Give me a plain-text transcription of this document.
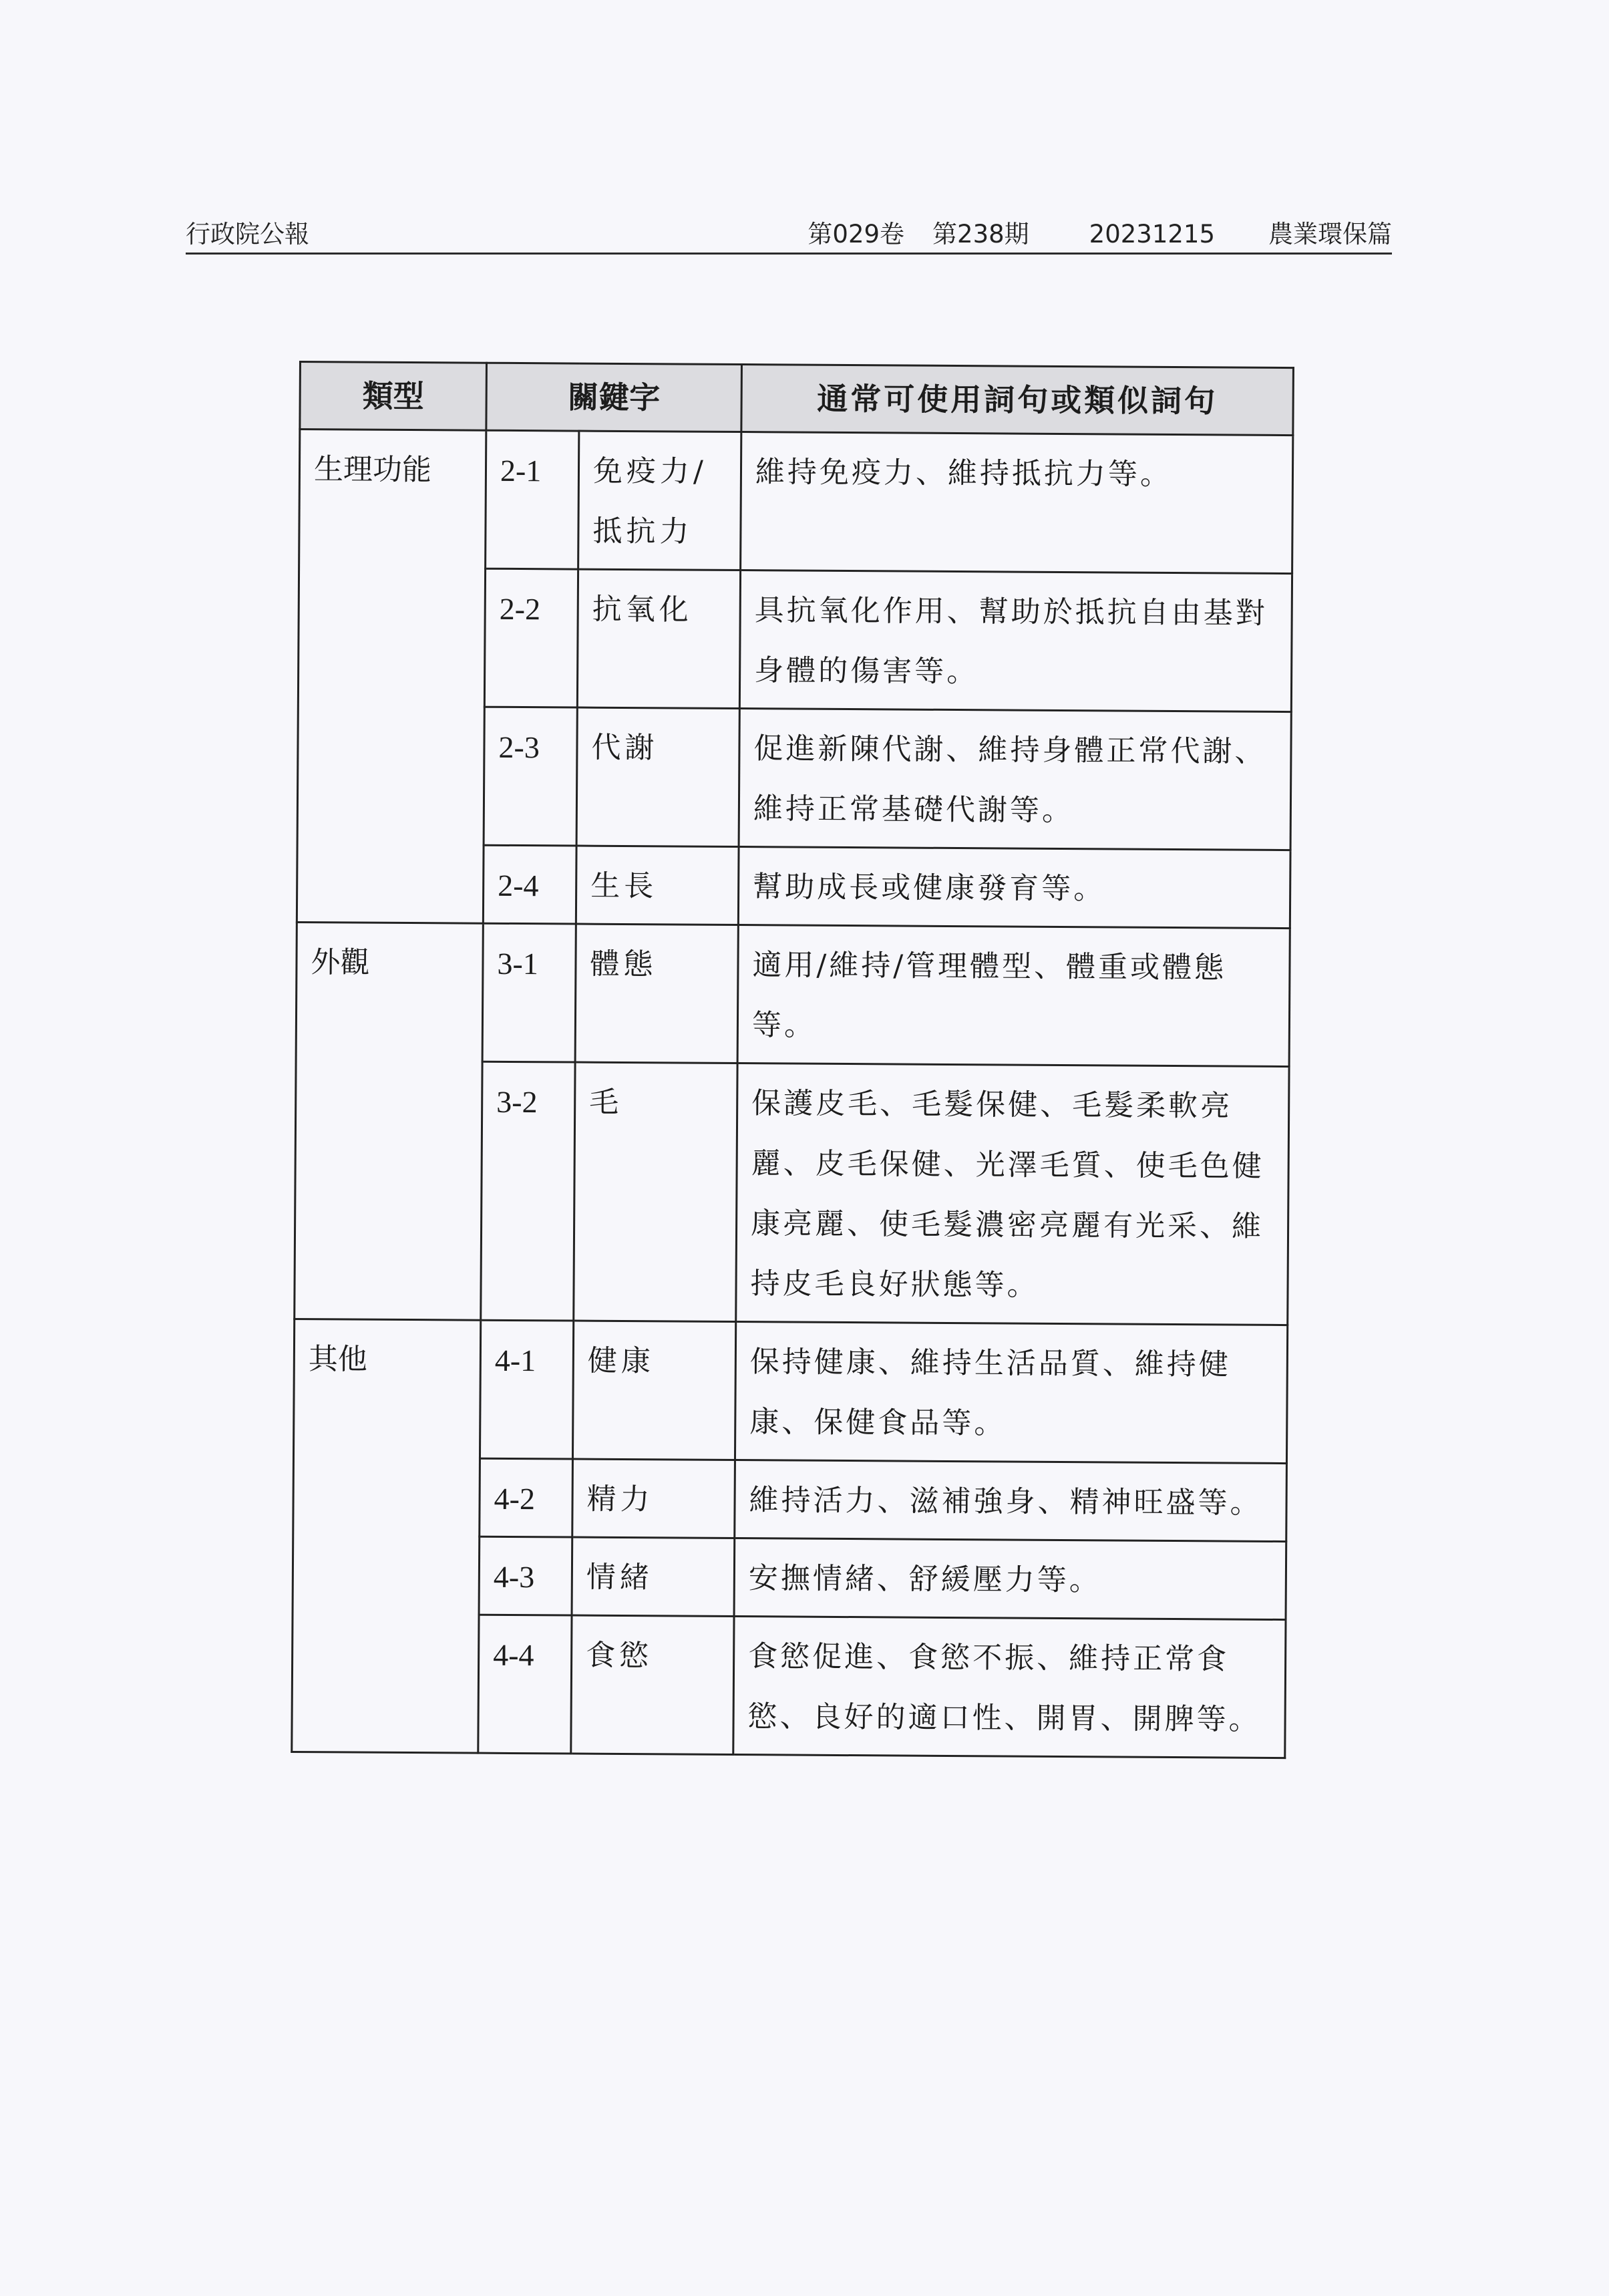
行政院公報	第029卷 第238期 20231215 農業環保篇
類型	關鍵字		通常可使用詞句或類似詞句
生理功能	2-1	免疫力/抵抗力	維持免疫力、維持抵抗力等。
	2-2	抗氧化	具抗氧化作用、幫助於抵抗自由基對身體的傷害等。
	2-3	代謝	促進新陳代謝、維持身體正常代謝、維持正常基礎代謝等。
	2-4	生長	幫助成長或健康發育等。
外觀	3-1	體態	適用/維持/管理體型、體重或體態等。
	3-2	毛	保護皮毛、毛髮保健、毛髮柔軟亮麗、皮毛保健、光澤毛質、使毛色健康亮麗、使毛髮濃密亮麗有光采、維持皮毛良好狀態等。
其他	4-1	健康	保持健康、維持生活品質、維持健康、保健食品等。
	4-2	精力	維持活力、滋補強身、精神旺盛等。
	4-3	情緒	安撫情緒、舒緩壓力等。
	4-4	食慾	食慾促進、食慾不振、維持正常食慾、良好的適口性、開胃、開脾等。
